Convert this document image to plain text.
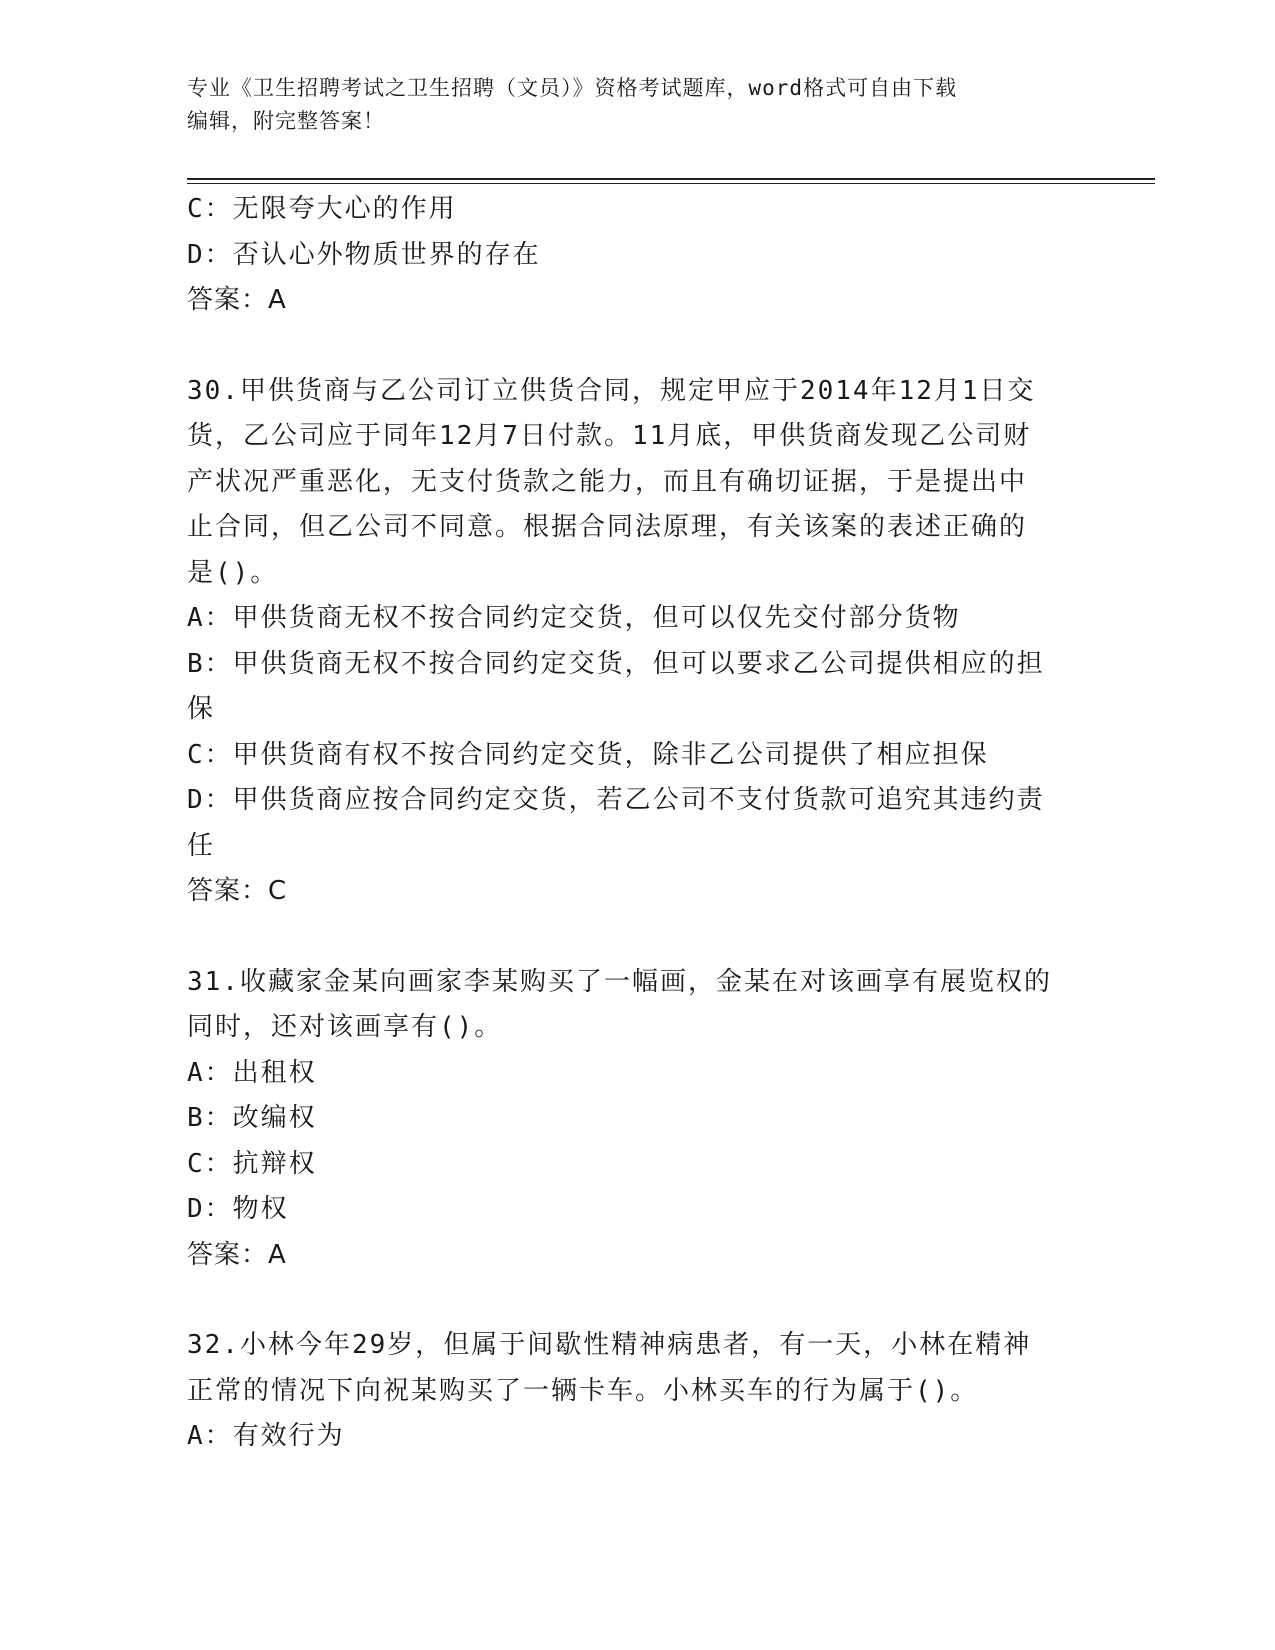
专业《卫生招聘考试之卫生招聘（文员）》资格考试题库，word格式可自由下载
编辑，附完整答案！
C：无限夸大心的作用
D：否认心外物质世界的存在
答案：A
30.甲供货商与乙公司订立供货合同，规定甲应于2014年12月1日交
货，乙公司应于同年12月7日付款。11月底，甲供货商发现乙公司财
产状况严重恶化，无支付货款之能力，而且有确切证据，于是提出中
止合同，但乙公司不同意。根据合同法原理，有关该案的表述正确的
是()。
A：甲供货商无权不按合同约定交货，但可以仅先交付部分货物
B：甲供货商无权不按合同约定交货，但可以要求乙公司提供相应的担
保
C：甲供货商有权不按合同约定交货，除非乙公司提供了相应担保
D：甲供货商应按合同约定交货，若乙公司不支付货款可追究其违约责
任
答案：C
31.收藏家金某向画家李某购买了一幅画，金某在对该画享有展览权的
同时，还对该画享有()。
A：出租权
B：改编权
C：抗辩权
D：物权
答案：A
32.小林今年29岁，但属于间歇性精神病患者，有一天，小林在精神
正常的情况下向祝某购买了一辆卡车。小林买车的行为属于()。
A：有效行为
